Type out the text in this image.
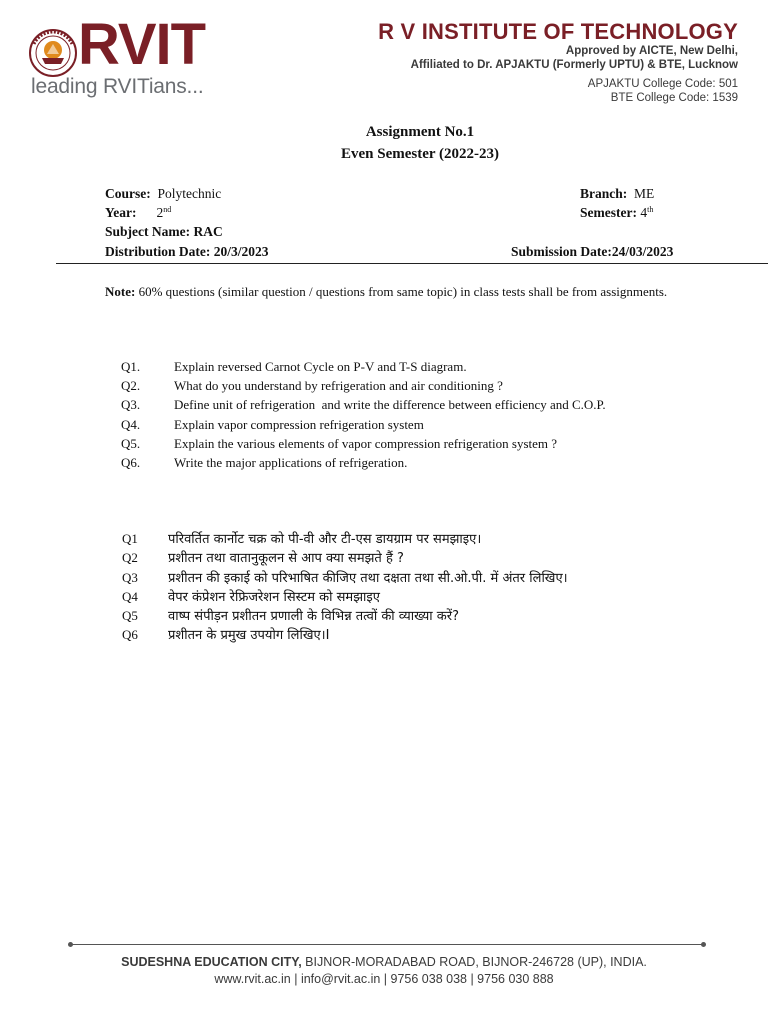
RVIT
leading RVITians...
R V INSTITUTE OF TECHNOLOGY
Approved by AICTE, New Delhi,
Affiliated to Dr. APJAKTU (Formerly UPTU) & BTE, Lucknow
APJAKTU College Code: 501
BTE College Code: 1539
Assignment No.1
Even Semester (2022-23)
Course: Polytechnic	Branch: ME
Year: 2nd	Semester: 4th
Subject Name: RAC
Distribution Date: 20/3/2023	Submission Date:24/03/2023
Note: 60% questions (similar question / questions from same topic) in class tests shall be from assignments.
Q1.	Explain reversed Carnot Cycle on P-V and T-S diagram.
Q2.	What do you understand by refrigeration and air conditioning ?
Q3.	Define unit of refrigeration  and write the difference between efficiency and C.O.P.
Q4.	Explain vapor compression refrigeration system
Q5.	Explain the various elements of vapor compression refrigeration system ?
Q6.	Write the major applications of refrigeration.
Q1 परिवर्तित कार्नोट चक्र को पी-वी और टी-एस डायग्राम पर समझाइए।
Q2 प्रशीतन तथा वातानुकूलन से आप क्या समझते हैं ?
Q3 प्रशीतन की इकाई को परिभाषित कीजिए तथा दक्षता तथा सी.ओ.पी. में अंतर लिखिए।
Q4 वेपर कंप्रेशन रेफ्रिजरेशन सिस्टम को समझाइए
Q5 वाष्प संपीड़न प्रशीतन प्रणाली के विभिन्न तत्वों की व्याख्या करें?
Q6 प्रशीतन के प्रमुख उपयोग लिखिए।I
SUDESHNA EDUCATION CITY, BIJNOR-MORADABAD ROAD, BIJNOR-246728 (UP), INDIA.
www.rvit.ac.in | info@rvit.ac.in | 9756 038 038 | 9756 030 888
